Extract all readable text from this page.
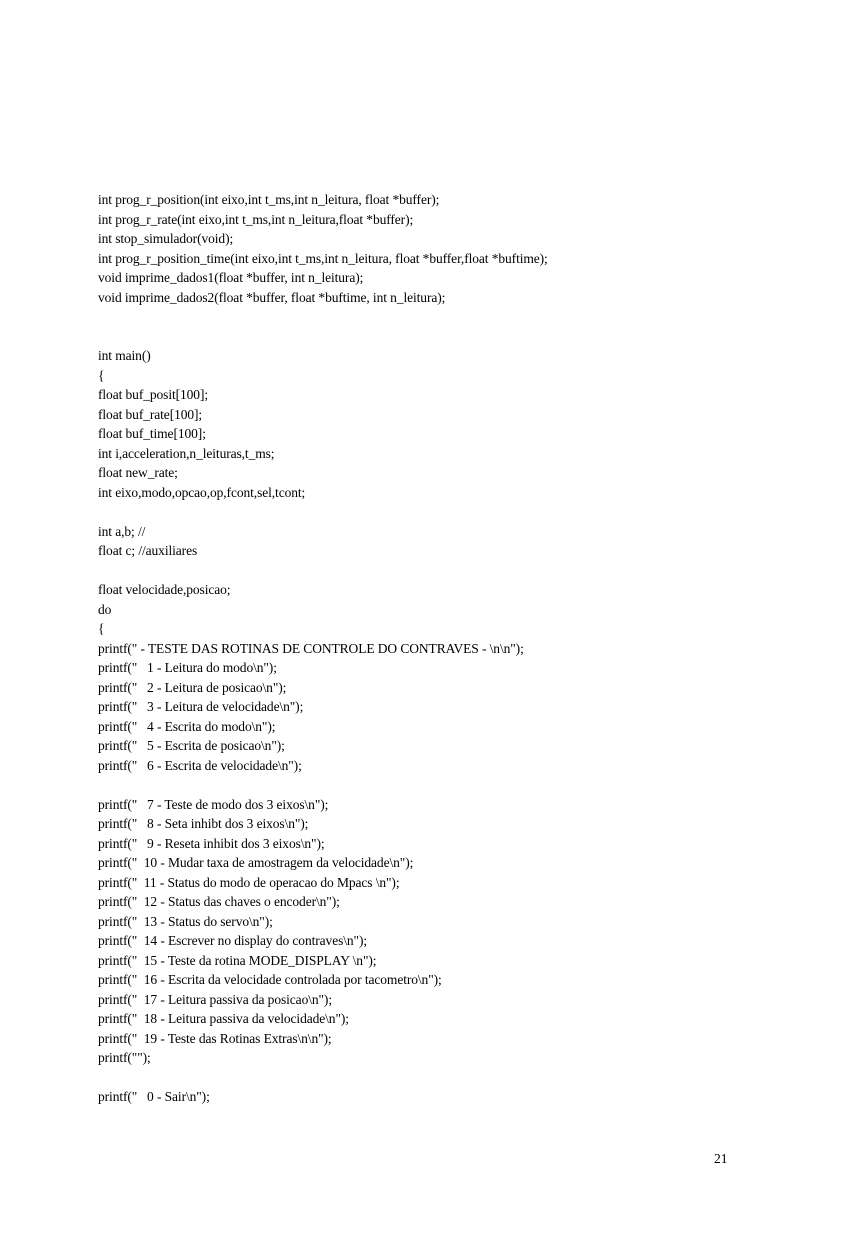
int prog_r_position(int eixo,int t_ms,int n_leitura, float *buffer);
int prog_r_rate(int eixo,int t_ms,int n_leitura,float *buffer);
int stop_simulador(void);
int prog_r_position_time(int eixo,int t_ms,int n_leitura, float *buffer,float *buftime);
void imprime_dados1(float *buffer, int n_leitura);
void imprime_dados2(float *buffer, float *buftime, int n_leitura);
int main()
{
float buf_posit[100];
float buf_rate[100];
float buf_time[100];
int i,acceleration,n_leituras,t_ms;
float new_rate;
int eixo,modo,opcao,op,fcont,sel,tcont;
int a,b; //
float c; //auxiliares
float velocidade,posicao;
do
{
printf(" - TESTE DAS ROTINAS DE CONTROLE DO CONTRAVES - \n\n");
printf("   1 - Leitura do modo\n");
printf("   2 - Leitura de posicao\n");
printf("   3 - Leitura de velocidade\n");
printf("   4 - Escrita do modo\n");
printf("   5 - Escrita de posicao\n");
printf("   6 - Escrita de velocidade\n");
printf("   7 - Teste de modo dos 3 eixos\n");
printf("   8 - Seta inhibt dos 3 eixos\n");
printf("   9 - Reseta inhibit dos 3 eixos\n");
printf("  10 - Mudar taxa de amostragem da velocidade\n");
printf("  11 - Status do modo de operacao do Mpacs \n");
printf("  12 - Status das chaves o encoder\n");
printf("  13 - Status do servo\n");
printf("  14 - Escrever no display do contraves\n");
printf("  15 - Teste da rotina MODE_DISPLAY \n");
printf("  16 - Escrita da velocidade controlada por tacometro\n");
printf("  17 - Leitura passiva da posicao\n");
printf("  18 - Leitura passiva da velocidade\n");
printf("  19 - Teste das Rotinas Extras\n\n");
printf("");
printf("   0 - Sair\n");
21
